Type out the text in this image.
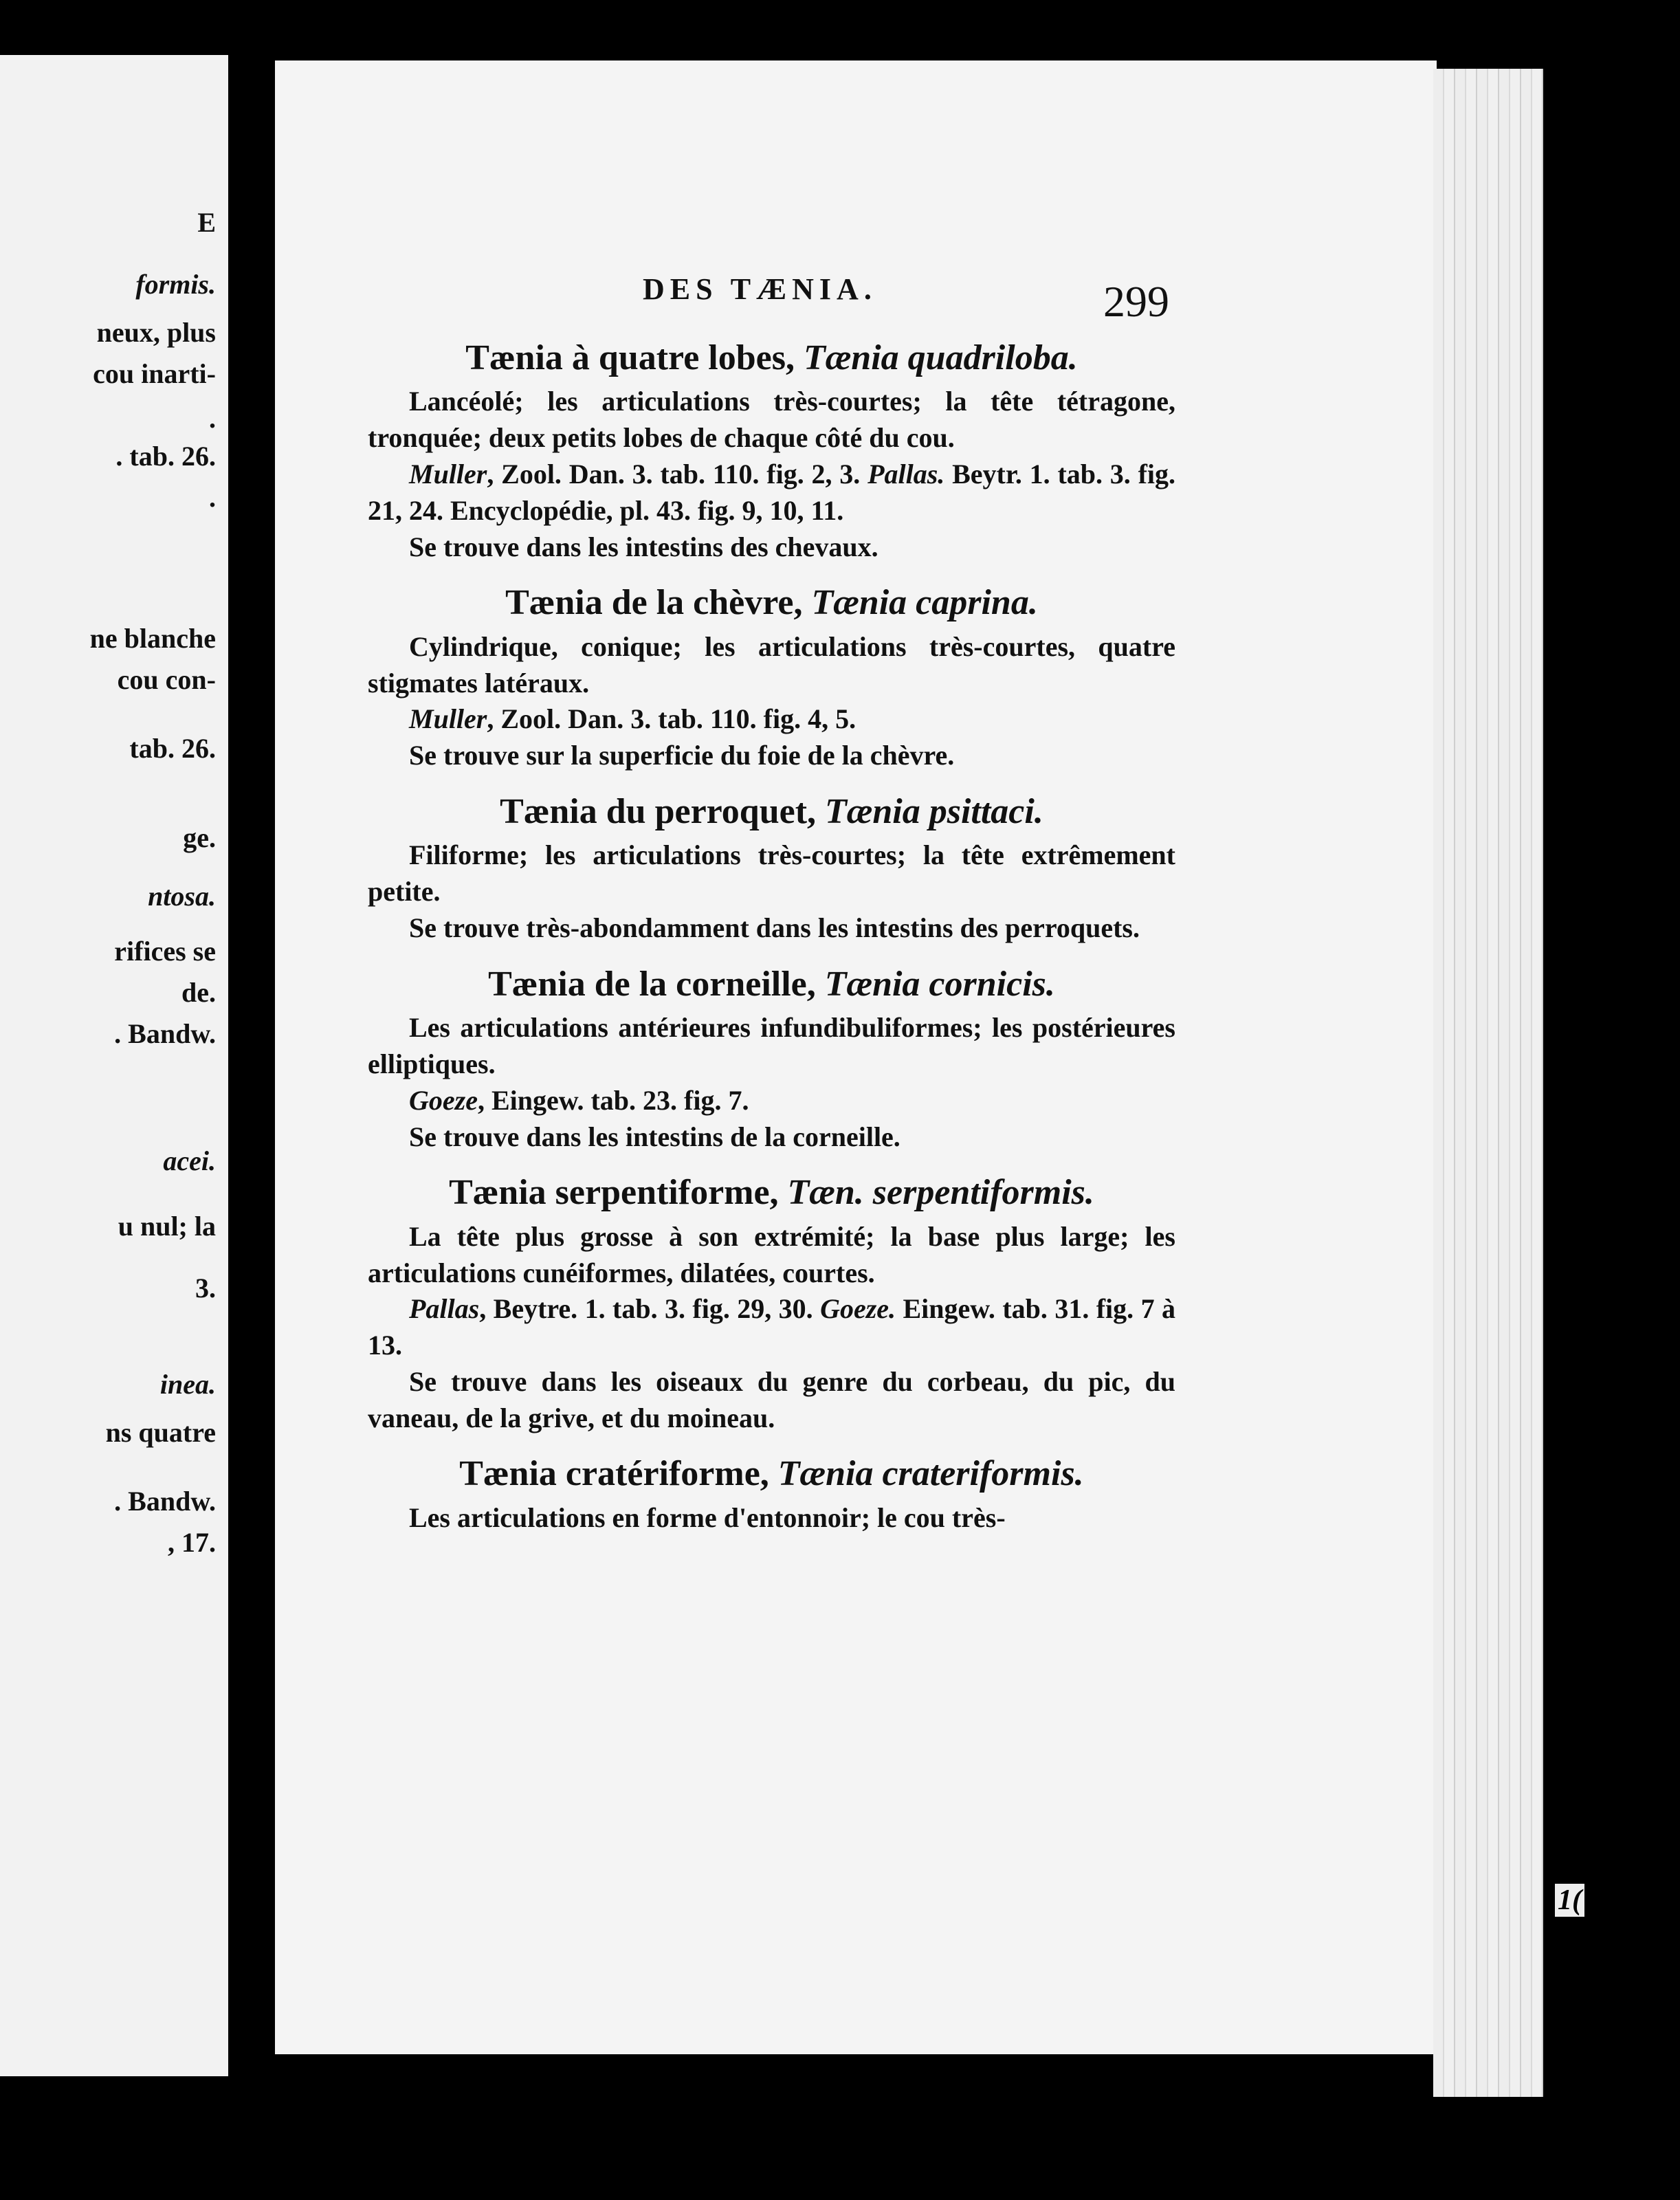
E
formis.
neux, plus
cou inarti-
.
. tab. 26.
.
ne blanche
cou con-
tab. 26.
ge.
ntosa.
rifices se
de.
. Bandw.
acei.
u nul; la
3.
inea.
ns quatre
. Bandw.
, 17.
1(
DES TÆNIA.	299

Tænia à quatre lobes, Tænia quadriloba.

Lancéolé; les articulations très-courtes; la tête tétragone, tronquée; deux petits lobes de chaque côté du cou.

Muller, Zool. Dan. 3. tab. 110. fig. 2, 3. Pallas. Beytr. 1. tab. 3. fig. 21, 24. Encyclopédie, pl. 43. fig. 9, 10, 11.

Se trouve dans les intestins des chevaux.

Tænia de la chèvre, Tænia caprina.

Cylindrique, conique; les articulations très-courtes, quatre stigmates latéraux.

Muller, Zool. Dan. 3. tab. 110. fig. 4, 5.

Se trouve sur la superficie du foie de la chèvre.

Tænia du perroquet, Tænia psittaci.

Filiforme; les articulations très-courtes; la tête extrêmement petite.

Se trouve très-abondamment dans les intestins des perroquets.

Tænia de la corneille, Tænia cornicis.

Les articulations antérieures infundibuliformes; les postérieures elliptiques.

Goeze, Eingew. tab. 23. fig. 7.

Se trouve dans les intestins de la corneille.

Tænia serpentiforme, Tæn. serpentiformis.

La tête plus grosse à son extrémité; la base plus large; les articulations cunéiformes, dilatées, courtes.

Pallas, Beytre. 1. tab. 3. fig. 29, 30. Goeze. Eingew. tab. 31. fig. 7 à 13.

Se trouve dans les oiseaux du genre du corbeau, du pic, du vaneau, de la grive, et du moineau.

Tænia cratériforme, Tænia crateriformis.

Les articulations en forme d'entonnoir; le cou très-
